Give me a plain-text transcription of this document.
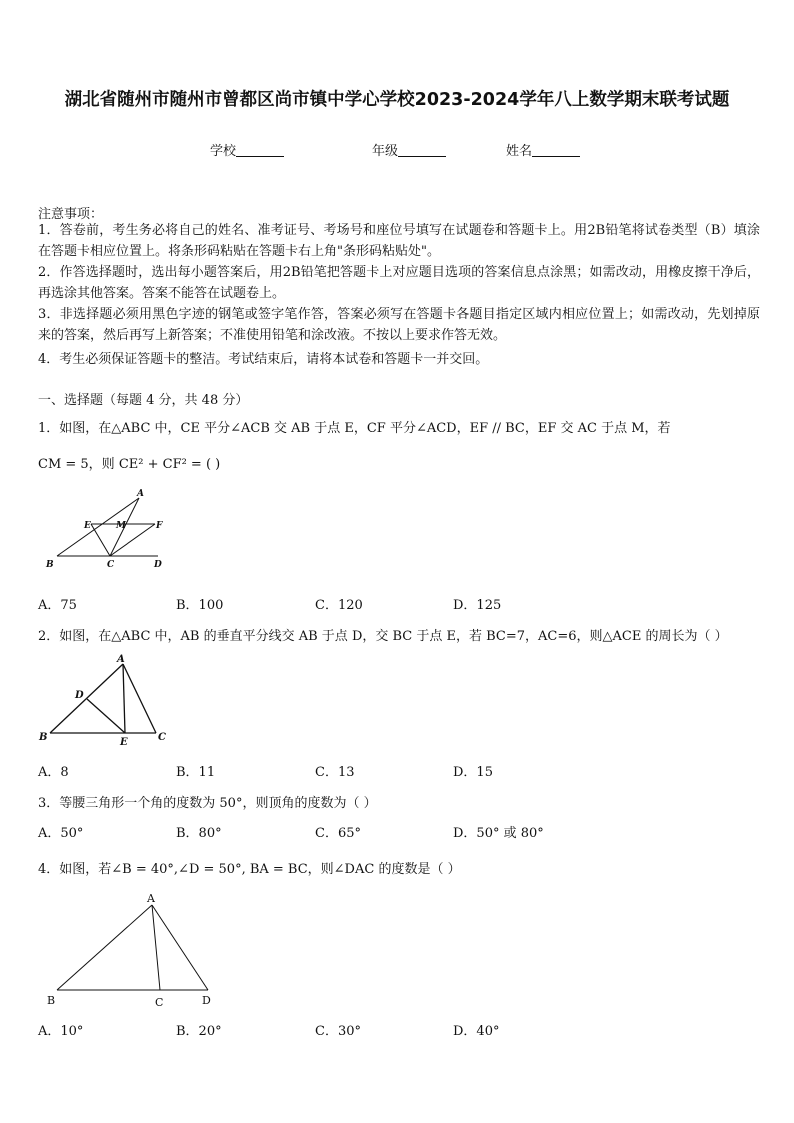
湖北省随州市随州市曾都区尚市镇中学心学校2023-2024学年八上数学期末联考试题
学校	年级	姓名
注意事项：
1．答卷前，考生务必将自己的姓名、准考证号、考场号和座位号填写在试题卷和答题卡上。用2B铅笔将试卷类型（B）填涂在答题卡相应位置上。将条形码粘贴在答题卡右上角"条形码粘贴处"。
2．作答选择题时，选出每小题答案后，用2B铅笔把答题卡上对应题目选项的答案信息点涂黑；如需改动，用橡皮擦干净后，再选涂其他答案。答案不能答在试题卷上。
3．非选择题必须用黑色字迹的钢笔或签字笔作答，答案必须写在答题卡各题目指定区域内相应位置上；如需改动，先划掉原来的答案，然后再写上新答案；不准使用铅笔和涂改液。不按以上要求作答无效。
4．考生必须保证答题卡的整洁。考试结束后，请将本试卷和答题卡一并交回。
一、选择题（每题 4 分，共 48 分）
1．如图，在△ABC 中，CE 平分∠ACB 交 AB 于点 E，CF 平分∠ACD，EF // BC，EF 交 AC 于点 M，若
CM = 5，则 CE² + CF² = ( )
A
E	M	F
B	C	D
A．75	B．100	C．120	D．125
2．如图，在△ABC 中，AB 的垂直平分线交 AB 于点 D，交 BC 于点 E，若 BC=7，AC=6，则△ACE 的周长为（ ）
A
D
B	E	C
A．8	B．11	C．13	D．15
3．等腰三角形一个角的度数为 50°，则顶角的度数为（ ）
A．50°	B．80°	C．65°	D．50° 或 80°
4．如图，若∠B = 40°,∠D = 50°, BA = BC，则∠DAC 的度数是（ ）
A
B	C	D
A．10°	B．20°	C．30°	D．40°
